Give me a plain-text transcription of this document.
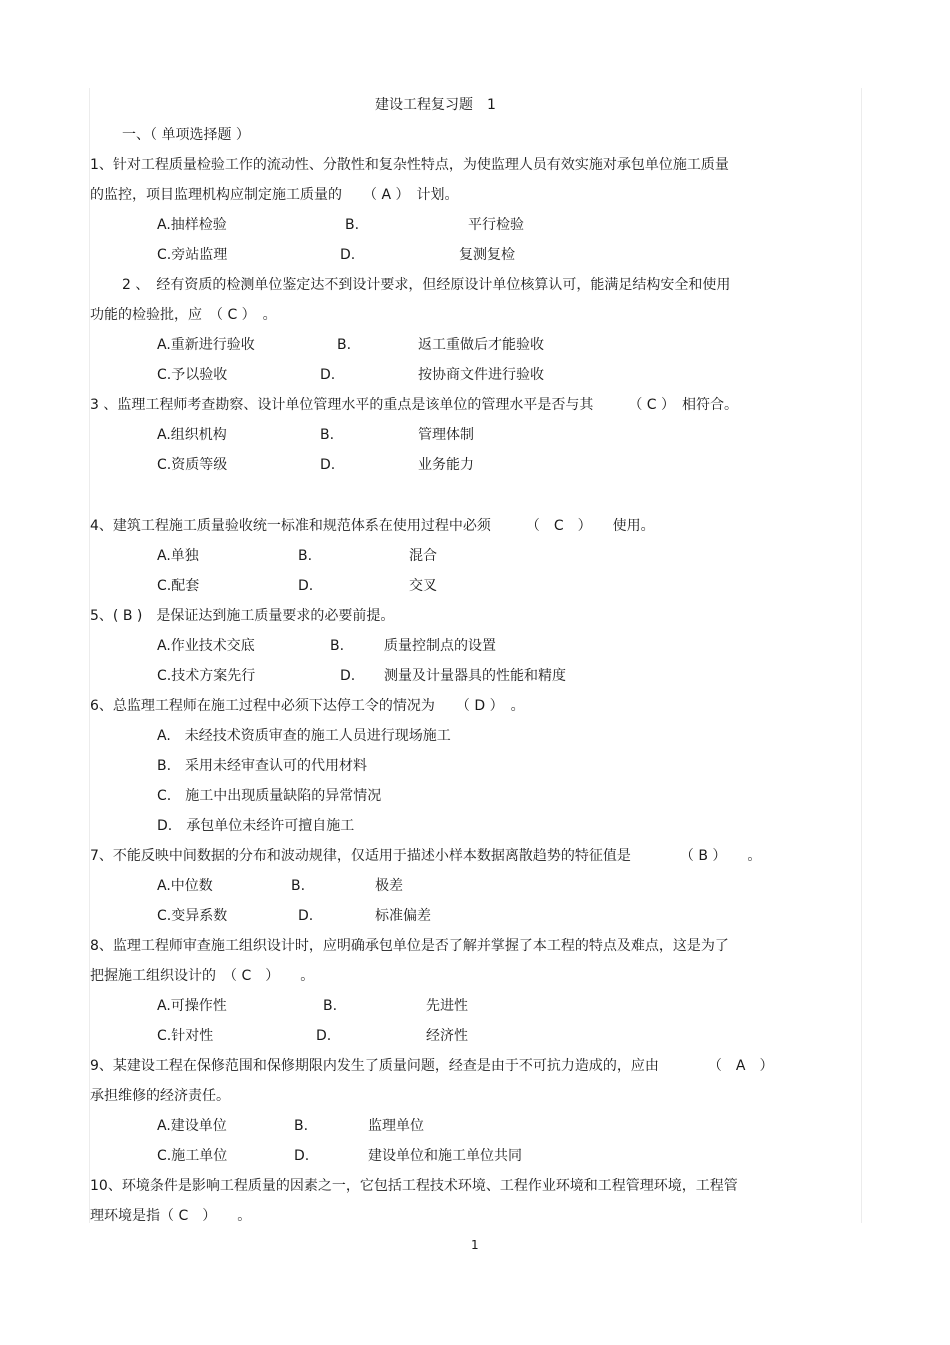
建设工程复习题　1
一、（ 单项选择题 ）
1、针对工程质量检验工作的流动性、分散性和复杂性特点，为使监理人员有效实施对承包单位施工质量
的监控，项目监理机构应制定施工质量的　　（ A ）　计划。
A.抽样检验	B.	平行检验
C.旁站监理	D.	复测复检
2 、　经有资质的检测单位鉴定达不到设计要求，但经原设计单位核算认可，能满足结构安全和使用
功能的检验批，应　（ C ）　。
A.重新进行验收	B.	返工重做后才能验收
C.予以验收	D.	按协商文件进行验收
3 、监理工程师考查勘察、设计单位管理水平的重点是该单位的管理水平是否与其　　　（ C ）　相符合。
A.组织机构	B.	管理体制
C.资质等级	D.	业务能力
4、建筑工程施工质量验收统一标准和规范体系在使用过程中必须　　　（　C　）　　使用。
A.单独	B.	混合
C.配套	D.	交叉
5、( B )　是保证达到施工质量要求的必要前提。
A.作业技术交底	B.	质量控制点的设置
C.技术方案先行	D. 测量及计量器具的性能和精度
6、总监理工程师在施工过程中必须下达停工令的情况为　　（ D ）　。
A.　未经技术资质审查的施工人员进行现场施工
B.　采用未经审查认可的代用材料
C.　施工中出现质量缺陷的异常情况
D.　承包单位未经许可擅自施工
7、不能反映中间数据的分布和波动规律，仅适用于描述小样本数据离散趋势的特征值是　　　　（ B ）　　。
A.中位数	B.	极差
C.变异系数	D.	标准偏差
8、监理工程师审查施工组织设计时，应明确承包单位是否了解并掌握了本工程的特点及难点，这是为了
把握施工组织设计的　（ C　）　　。
A.可操作性	B.	先进性
C.针对性	D.	经济性
9、某建设工程在保修范围和保修期限内发生了质量问题，经查是由于不可抗力造成的，应由　　　　（　A　）
承担维修的经济责任。
A.建设单位	B.	监理单位
C.施工单位	D.	建设单位和施工单位共同
10、环境条件是影响工程质量的因素之一，它包括工程技术环境、工程作业环境和工程管理环境，工程管
理环境是指（ C　）　　。
1
